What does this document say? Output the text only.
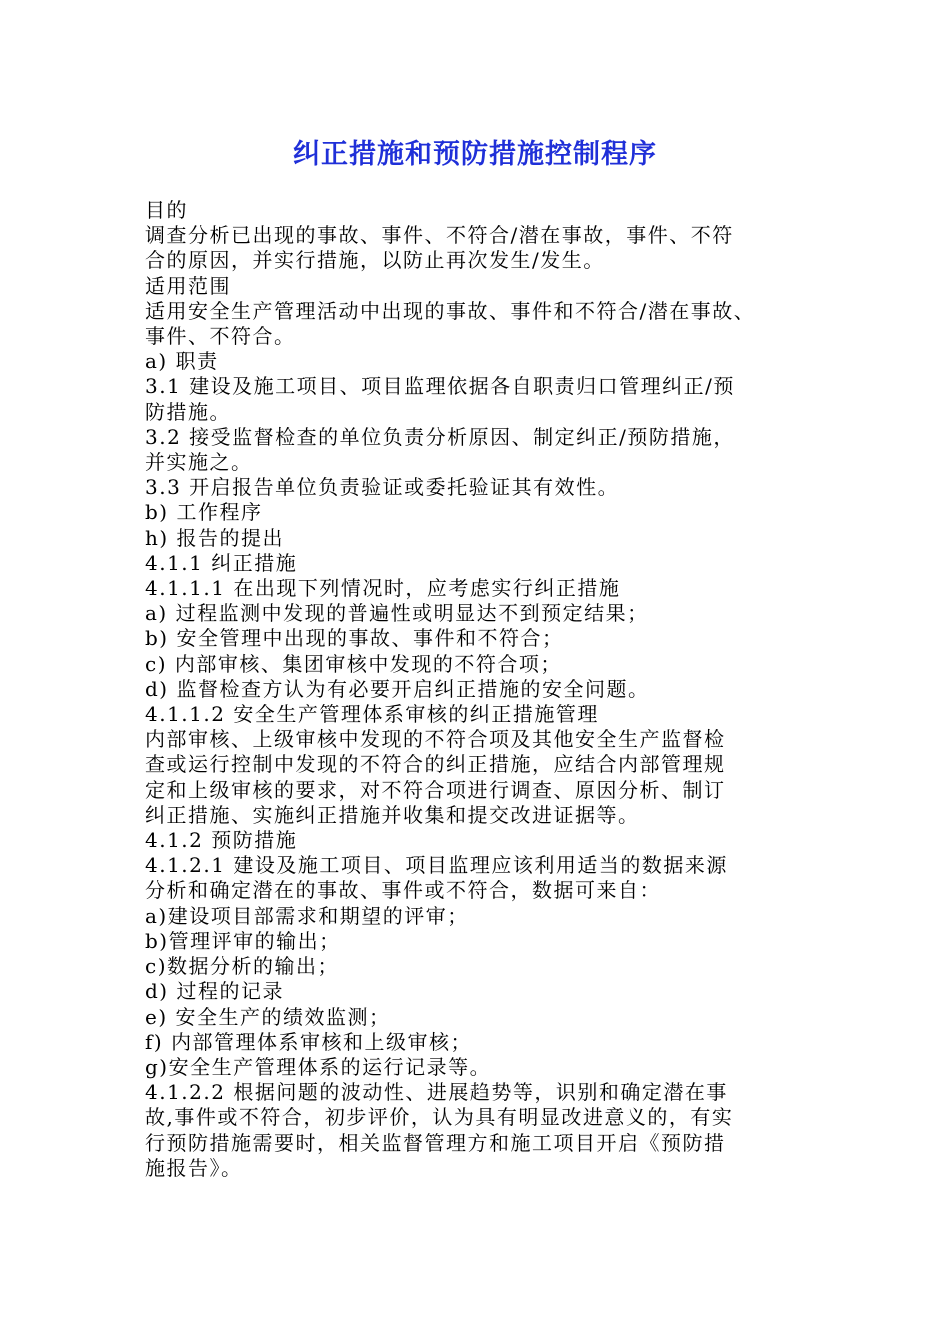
纠正措施和预防措施控制程序

目的

调查分析已出现的事故、事件、不符合/潜在事故，事件、不符

合的原因，并实行措施，以防止再次发生/发生。

适用范围

适用安全生产管理活动中出现的事故、事件和不符合/潜在事故、

事件、不符合。

a) 职责

3.1 建设及施工项目、项目监理依据各自职责归口管理纠正/预

防措施。

3.2 接受监督检查的单位负责分析原因、制定纠正/预防措施，

并实施之。

3.3 开启报告单位负责验证或委托验证其有效性。

b) 工作程序

h) 报告的提出

4.1.1 纠正措施

4.1.1.1 在出现下列情况时，应考虑实行纠正措施

a) 过程监测中发现的普遍性或明显达不到预定结果；

b) 安全管理中出现的事故、事件和不符合；

c) 内部审核、集团审核中发现的不符合项；

d) 监督检查方认为有必要开启纠正措施的安全问题。

4.1.1.2 安全生产管理体系审核的纠正措施管理

内部审核、上级审核中发现的不符合项及其他安全生产监督检

查或运行控制中发现的不符合的纠正措施，应结合内部管理规

定和上级审核的要求，对不符合项进行调查、原因分析、制订

纠正措施、实施纠正措施并收集和提交改进证据等。

4.1.2 预防措施

4.1.2.1 建设及施工项目、项目监理应该利用适当的数据来源

分析和确定潜在的事故、事件或不符合，数据可来自：

a)建设项目部需求和期望的评审；

b)管理评审的输出；

c)数据分析的输出；

d) 过程的记录

e) 安全生产的绩效监测；

f) 内部管理体系审核和上级审核；

g)安全生产管理体系的运行记录等。

4.1.2.2 根据问题的波动性、进展趋势等，识别和确定潜在事

故,事件或不符合，初步评价，认为具有明显改进意义的，有实

行预防措施需要时，相关监督管理方和施工项目开启《预防措

施报告》。
